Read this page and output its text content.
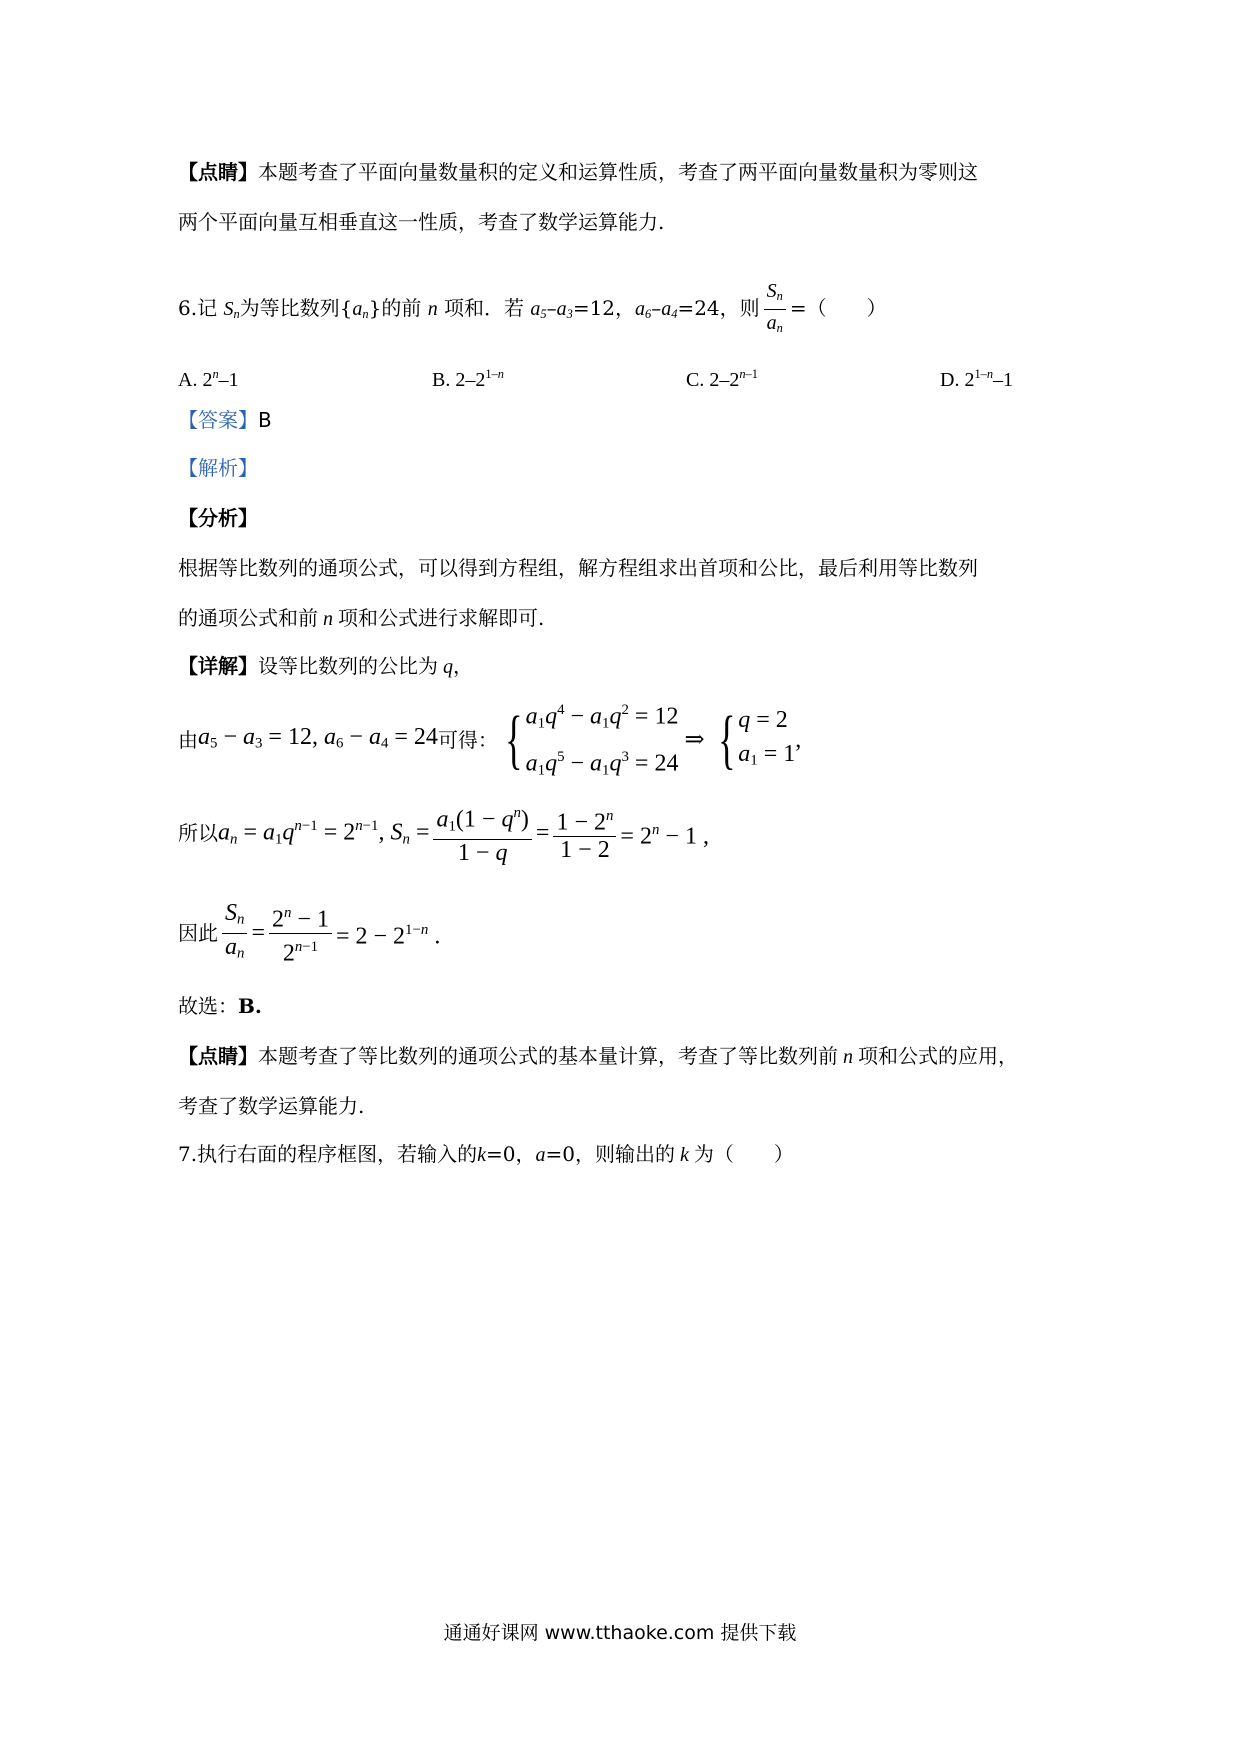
【点睛】本题考查了平面向量数量积的定义和运算性质，考查了两平面向量数量积为零则这
两个平面向量互相垂直这一性质，考查了数学运算能力.
6.记 $S_n$为等比数列$\{a_n\}$的前 n 项和．若 $a_5-a_3=12$，$a_6-a_4=24$，则 $\frac{S_n}{a_n}$ =（　　）
A. 2$^n$–1	B. 2–2$^{1-n}$	C. 2–2$^{n-1}$	D. 2$^{1-n}$–1
【答案】B
【解析】
【分析】
根据等比数列的通项公式，可以得到方程组，解方程组求出首项和公比，最后利用等比数列
的通项公式和前 n 项和公式进行求解即可.
【详解】设等比数列的公比为 q，
由 $a_5 - a_3 = 12$, $a_6 - a_4 = 24$ 可得： { $a_1q^4 - a_1q^2 = 12$
$a_1q^5 - a_1q^3 = 24$
⇒ { q = 2
$a_1 = 1$
,
所以 $a_n = a_1q^{n-1} = 2^{n-1}$, $S_n = \frac{a_1(1 - q^n)}{1 - q} = \frac{1 - 2^n}{1 - 2} = 2^n - 1$ ,
因此 $\frac{S_n}{a_n} = \frac{2^n - 1}{2^{n-1}} = 2 - 2^{1-n}$ .
故选：B.
【点睛】本题考查了等比数列的通项公式的基本量计算，考查了等比数列前 n 项和公式的应用，
考查了数学运算能力.
7.执行右面的程序框图，若输入的k=0，a=0，则输出的 k 为（　　）
通通好课网 www.tthaoke.com 提供下载
